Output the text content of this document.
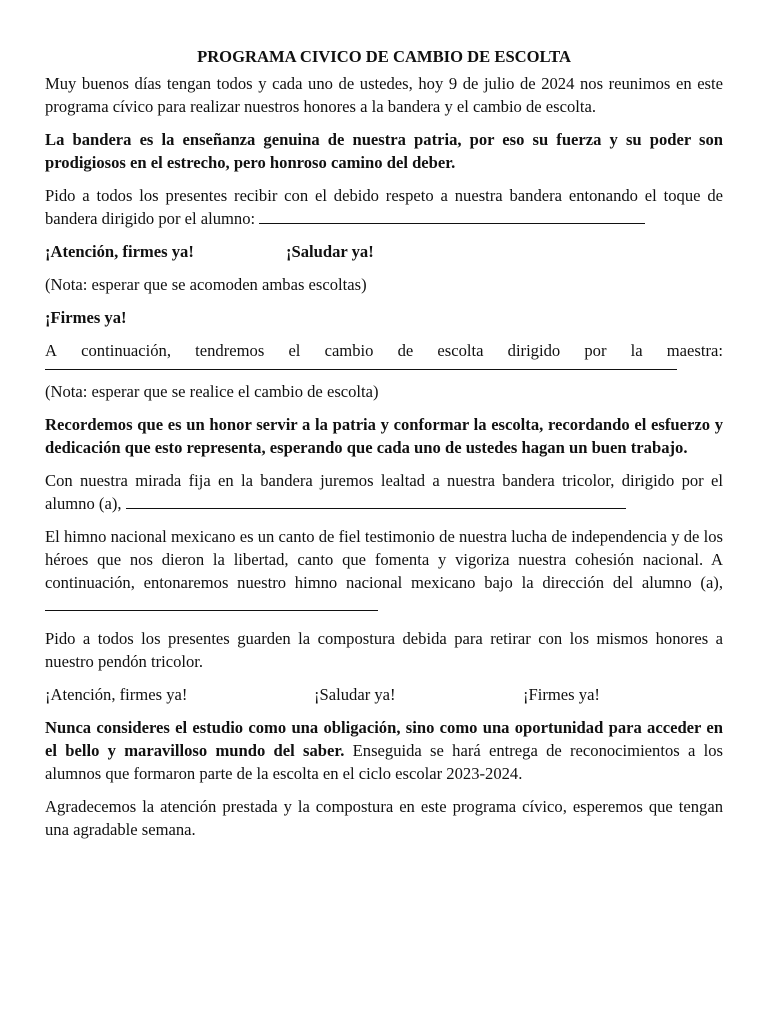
PROGRAMA CIVICO DE CAMBIO DE ESCOLTA

Muy buenos días tengan todos y cada uno de ustedes, hoy 9 de julio de 2024 nos reunimos en este programa cívico para realizar nuestros honores a la bandera y el cambio de escolta.

La bandera es la enseñanza genuina de nuestra patria, por eso su fuerza y su poder son prodigiosos en el estrecho, pero honroso camino del deber.

Pido a todos los presentes recibir con el debido respeto a nuestra bandera entonando el toque de bandera dirigido por el alumno:

¡Atención, firmes ya!	¡Saludar ya!

(Nota: esperar que se acomoden ambas escoltas)

¡Firmes ya!

A continuación, tendremos el cambio de escolta dirigido por la maestra:

(Nota: esperar que se realice el cambio de escolta)

Recordemos que es un honor servir a la patria y conformar la escolta, recordando el esfuerzo y dedicación que esto representa, esperando que cada uno de ustedes hagan un buen trabajo.

Con nuestra mirada fija en la bandera juremos lealtad a nuestra bandera tricolor, dirigido por el alumno (a),

El himno nacional mexicano es un canto de fiel testimonio de nuestra lucha de independencia y de los héroes que nos dieron la libertad, canto que fomenta y vigoriza nuestra cohesión nacional. A continuación, entonaremos nuestro himno nacional mexicano bajo la dirección del alumno (a),

Pido a todos los presentes guarden la compostura debida para retirar con los mismos honores a nuestro pendón tricolor.

¡Atención, firmes ya!	¡Saludar ya!	¡Firmes ya!

Nunca consideres el estudio como una obligación, sino como una oportunidad para acceder en el bello y maravilloso mundo del saber. Enseguida se hará entrega de reconocimientos a los alumnos que formaron parte de la escolta en el ciclo escolar 2023-2024.

Agradecemos la atención prestada y la compostura en este programa cívico, esperemos que tengan una agradable semana.
